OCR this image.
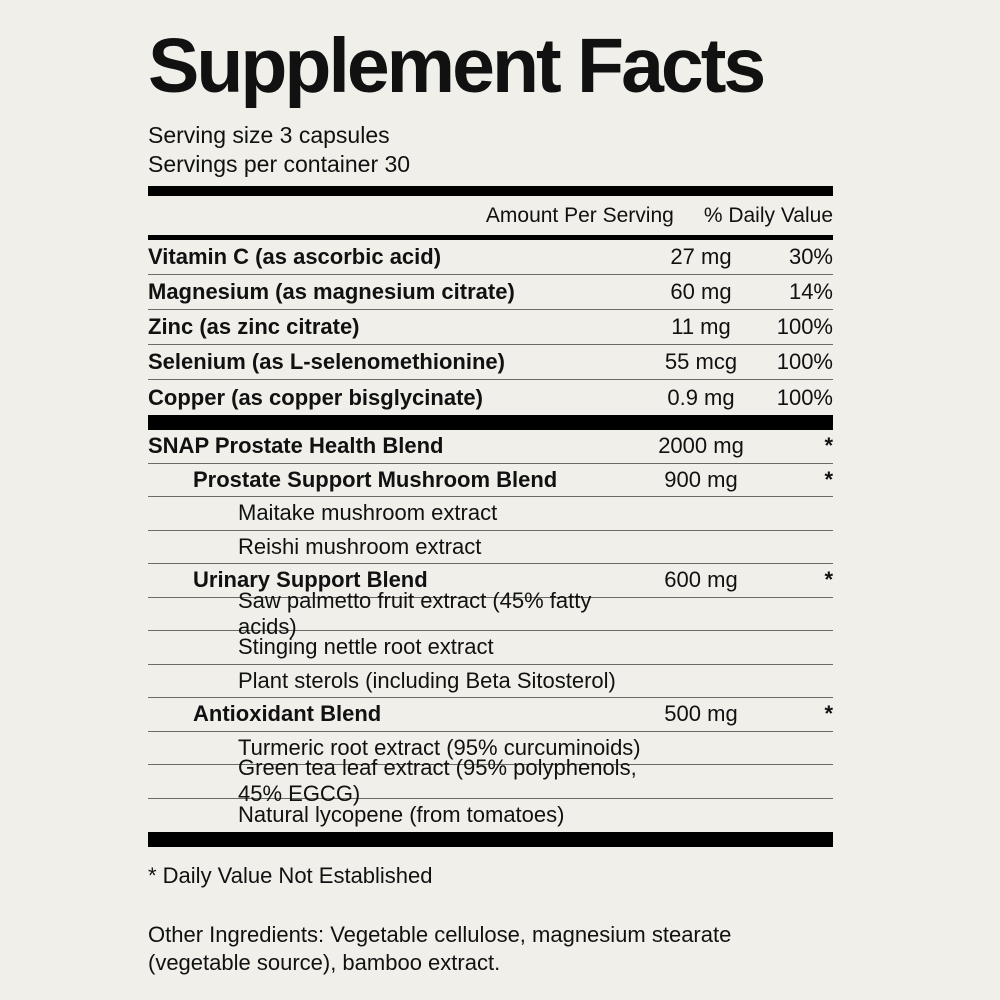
Supplement Facts
Serving size 3 capsules
Servings per container 30
Amount Per Serving % Daily Value
Vitamin C (as ascorbic acid)	27 mg	30%
Magnesium (as magnesium citrate)	60 mg	14%
Zinc (as zinc citrate)	11 mg	100%
Selenium (as L-selenomethionine)	55 mcg	100%
Copper (as copper bisglycinate)	0.9 mg	100%
SNAP Prostate Health Blend	2000 mg	*
Prostate Support Mushroom Blend	900 mg	*
Maitake mushroom extract
Reishi mushroom extract
Urinary Support Blend	600 mg	*
Saw palmetto fruit extract (45% fatty acids)
Stinging nettle root extract
Plant sterols (including Beta Sitosterol)
Antioxidant Blend	500 mg	*
Turmeric root extract (95% curcuminoids)
Green tea leaf extract (95% polyphenols, 45% EGCG)
Natural lycopene (from tomatoes)
* Daily Value Not Established
Other Ingredients: Vegetable cellulose, magnesium stearate (vegetable source), bamboo extract.
